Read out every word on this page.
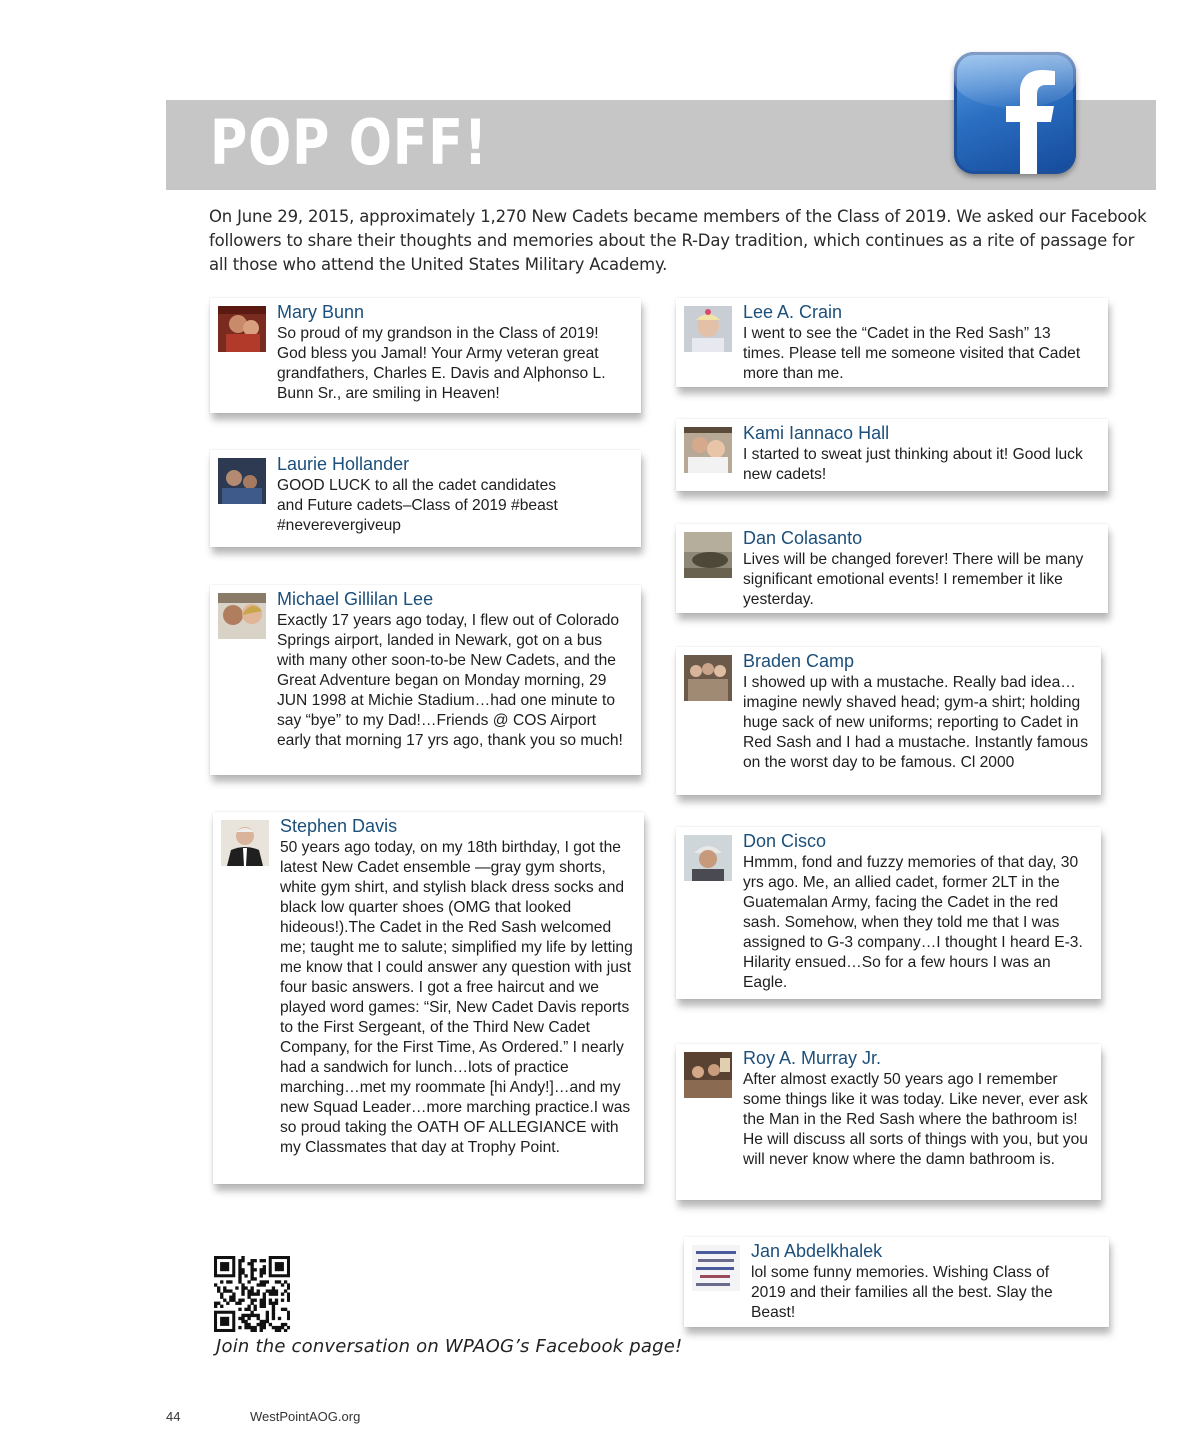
POP OFF!
On June 29, 2015, approximately 1,270 New Cadets became members of the Class of 2019. We asked our Facebook followers to share their thoughts and memories about the R-Day tradition, which continues as a rite of passage for all those who attend the United States Military Academy.
Mary Bunn
So proud of my grandson in the Class of 2019! God bless you Jamal! Your Army veteran great grandfathers, Charles E. Davis and Alphonso L. Bunn Sr., are smiling in Heaven!
Laurie Hollander
GOOD LUCK to all the cadet candidates and Future cadets–Class of 2019 #beast #neverevergiveup
Michael Gillilan Lee
Exactly 17 years ago today, I flew out of Colorado Springs airport, landed in Newark, got on a bus with many other soon-to-be New Cadets, and the Great Adventure began on Monday morning, 29 JUN 1998 at Michie Stadium…had one minute to say “bye” to my Dad!…Friends @ COS Airport early that morning 17 yrs ago, thank you so much!
Stephen Davis
50 years ago today, on my 18th birthday, I got the latest New Cadet ensemble —gray gym shorts, white gym shirt, and stylish black dress socks and black low quarter shoes (OMG that looked hideous!).The Cadet in the Red Sash welcomed me; taught me to salute; simplified my life by letting me know that I could answer any question with just four basic answers. I got a free haircut and we played word games: “Sir, New Cadet Davis reports to the First Sergeant, of the Third New Cadet Company, for the First Time, As Ordered.” I nearly had a sandwich for lunch…lots of practice marching…met my roommate [hi Andy!]…and my new Squad Leader…more marching practice.I was so proud taking the OATH OF ALLEGIANCE with my Classmates that day at Trophy Point.
Lee A. Crain
I went to see the “Cadet in the Red Sash” 13 times. Please tell me someone visited that Cadet more than me.
Kami Iannaco Hall
I started to sweat just thinking about it! Good luck new cadets!
Dan Colasanto
Lives will be changed forever! There will be many significant emotional events! I remember it like yesterday.
Braden Camp
I showed up with a mustache. Really bad idea…imagine newly shaved head; gym-a shirt; holding huge sack of new uniforms; reporting to Cadet in Red Sash and I had a mustache. Instantly famous on the worst day to be famous. Cl 2000
Don Cisco
Hmmm, fond and fuzzy memories of that day, 30 yrs ago. Me, an allied cadet, former 2LT in the Guatemalan Army, facing the Cadet in the red sash. Somehow, when they told me that I was assigned to G-3 company…I thought I heard E-3. Hilarity ensued…So for a few hours I was an Eagle.
Roy A. Murray Jr.
After almost exactly 50 years ago I remember some things like it was today. Like never, ever ask the Man in the Red Sash where the bathroom is! He will discuss all sorts of things with you, but you will never know where the damn bathroom is.
Jan Abdelkhalek
lol some funny memories. Wishing Class of 2019 and their families all the best. Slay the Beast!
Join the conversation on WPAOG’s Facebook page!
44	WestPointAOG.org
